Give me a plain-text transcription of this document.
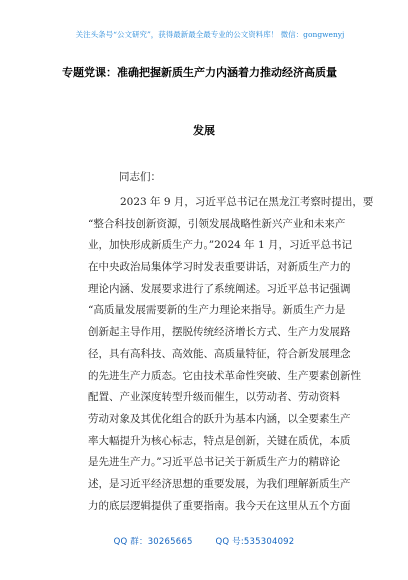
关注头条号“公文研究”，获得最新最全最专业的公文资料库！ 微信：gongwenyj
专题党课：准确把握新质生产力内涵着力推动经济高质量
发展
同志们：
2023 年 9 月，习近平总书记在黑龙江考察时提出，要
“整合科技创新资源，引领发展战略性新兴产业和未来产
业，加快形成新质生产力。”2024 年 1 月，习近平总书记
在中央政治局集体学习时发表重要讲话，对新质生产力的
理论内涵、发展要求进行了系统阐述。习近平总书记强调
“高质量发展需要新的生产力理论来指导。新质生产力是
创新起主导作用，摆脱传统经济增长方式、生产力发展路
径，具有高科技、高效能、高质量特征，符合新发展理念
的先进生产力质态。它由技术革命性突破、生产要素创新性
配置、产业深度转型升级而催生，以劳动者、劳动资料
劳动对象及其优化组合的跃升为基本内涵，以全要素生产
率大幅提升为核心标志，特点是创新，关键在质优，本质
是先进生产力。”习近平总书记关于新质生产力的精辟论
述，是习近平经济思想的重要发展，为我们理解新质生产
力的底层逻辑提供了重要指南。我今天在这里从五个方面
QQ 群：30265665	QQ 号:535304092
